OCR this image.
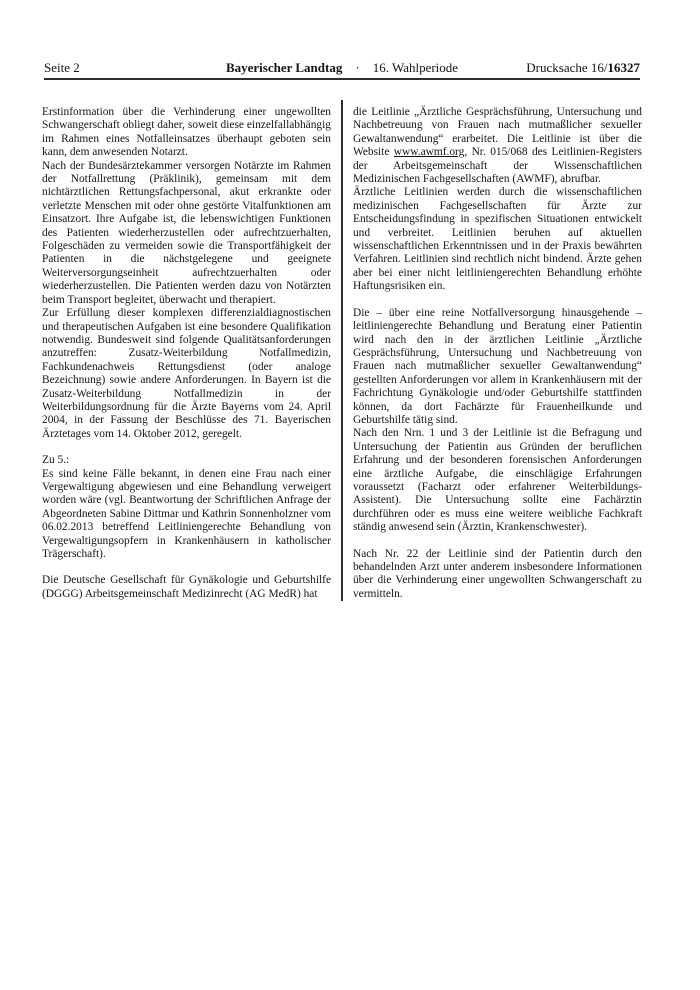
Seite 2	Bayerischer Landtag · 16. Wahlperiode	Drucksache 16/16327

Erstinformation über die Verhinderung einer ungewollten Schwangerschaft obliegt daher, soweit diese einzelfallabhängig im Rahmen eines Notfalleinsatzes überhaupt geboten sein kann, dem anwesenden Notarzt.

Nach der Bundesärztekammer versorgen Notärzte im Rahmen der Notfallrettung (Präklinik), gemeinsam mit dem nichtärztlichen Rettungsfachpersonal, akut erkrankte oder verletzte Menschen mit oder ohne gestörte Vitalfunktionen am Einsatzort. Ihre Aufgabe ist, die lebenswichtigen Funktionen des Patienten wiederherzustellen oder aufrechtzuerhalten, Folgeschäden zu vermeiden sowie die Transportfähigkeit der Patienten in die nächstgelegene und geeignete Weiterversorgungseinheit aufrechtzuerhalten oder wiederherzustellen. Die Patienten werden dazu von Notärzten beim Transport begleitet, überwacht und therapiert.

Zur Erfüllung dieser komplexen differenzialdiagnostischen und therapeutischen Aufgaben ist eine besondere Qualifikation notwendig. Bundesweit sind folgende Qualitätsanforderungen anzutreffen: Zusatz-Weiterbildung Notfallmedizin, Fachkundenachweis Rettungsdienst (oder analoge Bezeichnung) sowie andere Anforderungen. In Bayern ist die Zusatz-Weiterbildung Notfallmedizin in der Weiterbildungsordnung für die Ärzte Bayerns vom 24. April 2004, in der Fassung der Beschlüsse des 71. Bayerischen Ärztetages vom 14. Oktober 2012, geregelt.

Zu 5.:

Es sind keine Fälle bekannt, in denen eine Frau nach einer Vergewaltigung abgewiesen und eine Behandlung verweigert worden wäre (vgl. Beantwortung der Schriftlichen Anfrage der Abgeordneten Sabine Dittmar und Kathrin Sonnenholzner vom 06.02.2013 betreffend Leitliniengerechte Behandlung von Vergewaltigungsopfern in Krankenhäusern in katholischer Trägerschaft).

Die Deutsche Gesellschaft für Gynäkologie und Geburtshilfe (DGGG) Arbeitsgemeinschaft Medizinrecht (AG MedR) hat

die Leitlinie „Ärztliche Gesprächsführung, Untersuchung und Nachbetreuung von Frauen nach mutmaßlicher sexueller Gewaltanwendung“ erarbeitet. Die Leitlinie ist über die Website www.awmf.org, Nr. 015/068 des Leitlinien-Registers der Arbeitsgemeinschaft der Wissenschaftlichen Medizinischen Fachgesellschaften (AWMF), abrufbar.

Ärztliche Leitlinien werden durch die wissenschaftlichen medizinischen Fachgesellschaften für Ärzte zur Entscheidungsfindung in spezifischen Situationen entwickelt und verbreitet. Leitlinien beruhen auf aktuellen wissenschaftlichen Erkenntnissen und in der Praxis bewährten Verfahren. Leitlinien sind rechtlich nicht bindend. Ärzte gehen aber bei einer nicht leitliniengerechten Behandlung erhöhte Haftungsrisiken ein.

Die – über eine reine Notfallversorgung hinausgehende – leitliniengerechte Behandlung und Beratung einer Patientin wird nach den in der ärztlichen Leitlinie „Ärztliche Gesprächsführung, Untersuchung und Nachbetreuung von Frauen nach mutmaßlicher sexueller Gewaltanwendung“ gestellten Anforderungen vor allem in Krankenhäusern mit der Fachrichtung Gynäkologie und/oder Geburtshilfe stattfinden können, da dort Fachärzte für Frauenheilkunde und Geburtshilfe tätig sind.

Nach den Nrn. 1 und 3 der Leitlinie ist die Befragung und Untersuchung der Patientin aus Gründen der beruflichen Erfahrung und der besonderen forensischen Anforderungen eine ärztliche Aufgabe, die einschlägige Erfahrungen voraussetzt (Facharzt oder erfahrener Weiterbildungs-Assistent). Die Untersuchung sollte eine Fachärztin durchführen oder es muss eine weitere weibliche Fachkraft ständig anwesend sein (Ärztin, Krankenschwester).

Nach Nr. 22 der Leitlinie sind der Patientin durch den behandelnden Arzt unter anderem insbesondere Informationen über die Verhinderung einer ungewollten Schwangerschaft zu vermitteln.
